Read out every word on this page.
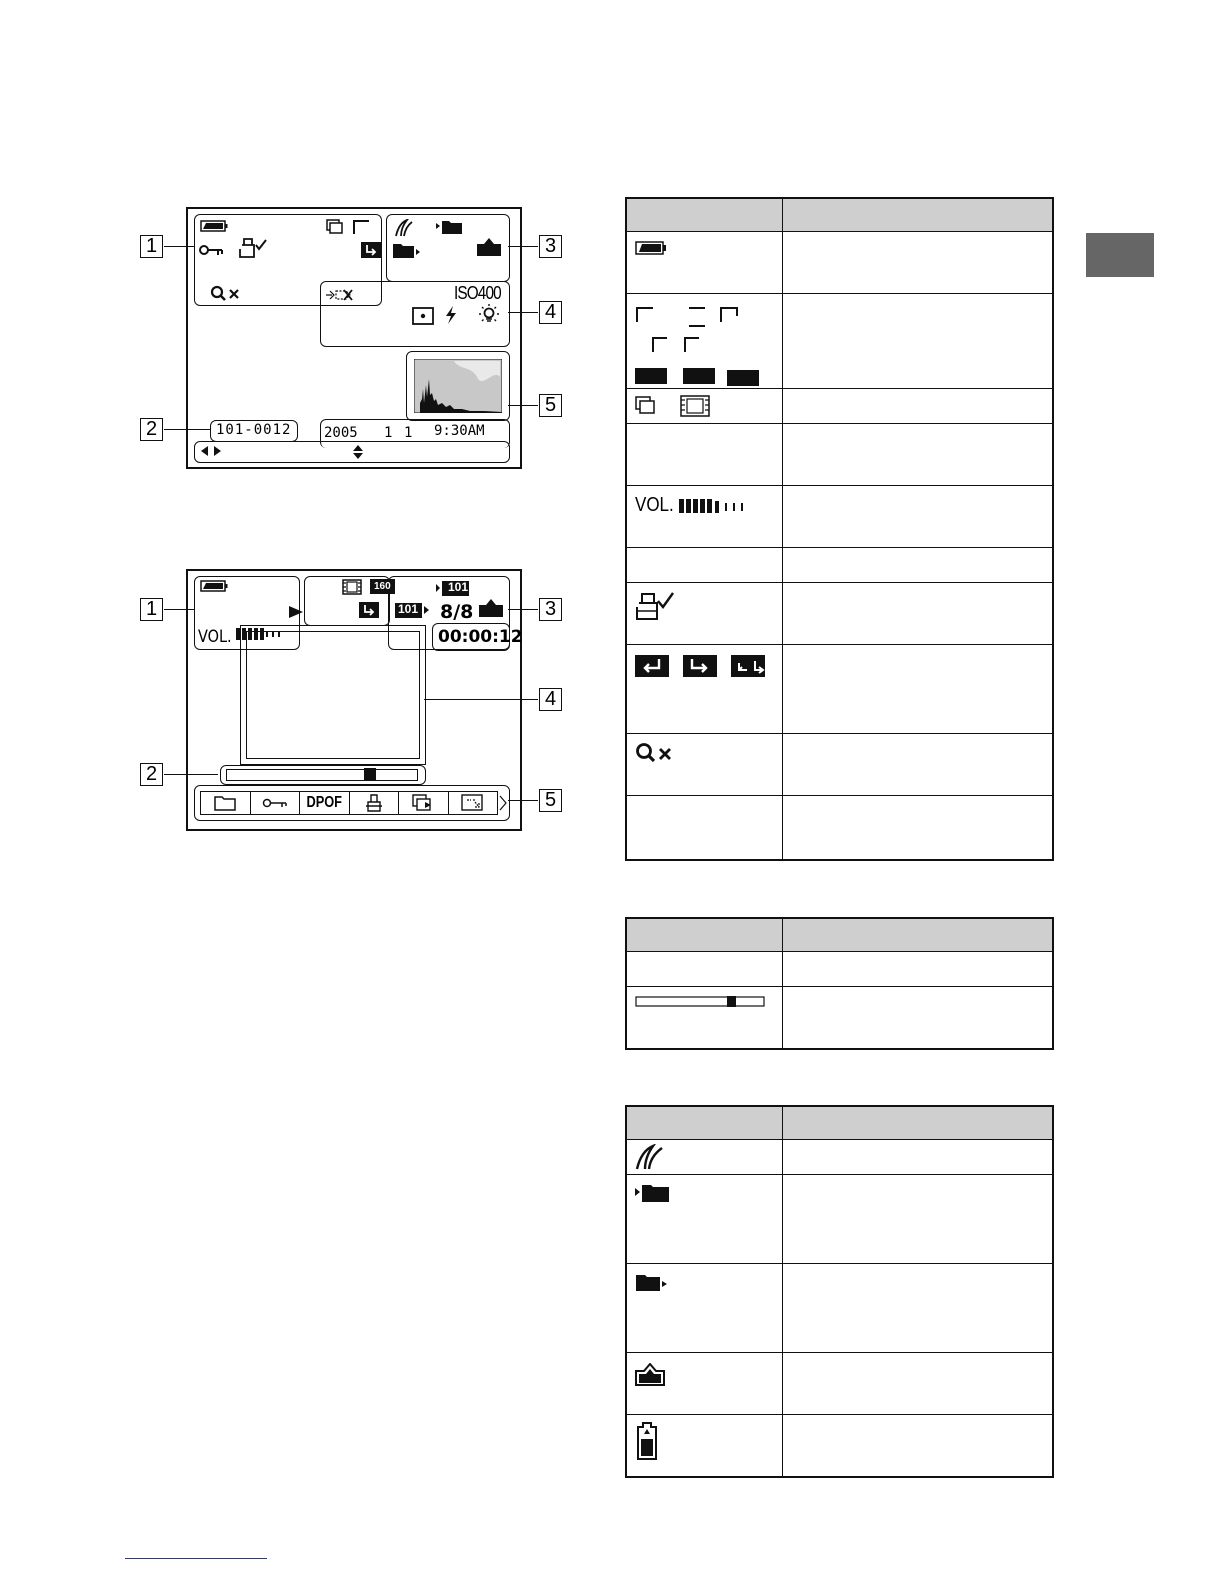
ISO400
101-0012 2005 1 1 9:30AM
1
2
3
4
5
160
VOL.
101
101 8/8
00:00:12
DPOF
1
2
3
4
5

VOL.	
